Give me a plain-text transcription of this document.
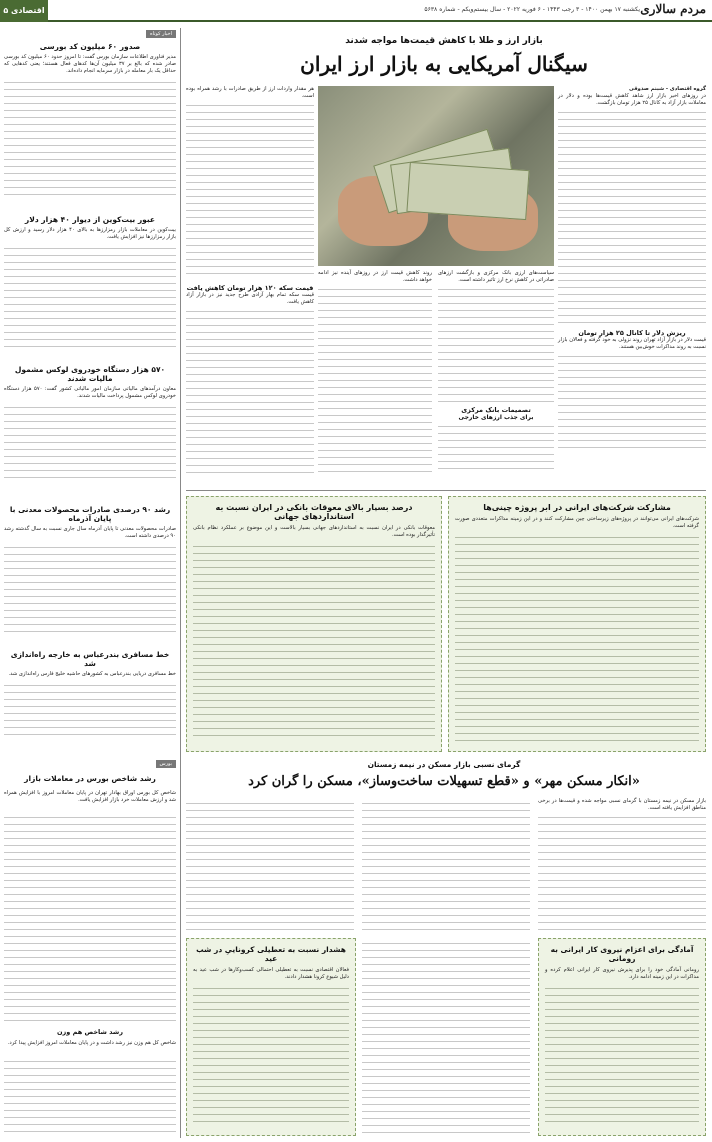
مردم سالاری
یکشنبه ۱۷ بهمن ۱۴۰۰ - ۳ رجب ۱۴۴۳ - ۶ فوریه ۲۰۲۲ - سال بیستم‌ویکم - شماره ۵۶۳۸
اقتصادی ۵
اخبار کوتاه
صدور ۶۰ میلیون کد بورسی
مدیر فناوری اطلاعات سازمان بورس گفت: تا امروز حدود ۶۰ میلیون کد بورسی صادر شده که بالغ بر ۳۷ میلیون آن‌ها کدهای فعال هستند؛ یعنی کدهایی که حداقل یک بار معامله در بازار سرمایه انجام داده‌اند.
عبور بیت‌کوین از دیوار ۴۰ هزار دلار
بیت‌کوین در معاملات بازار رمزارزها به بالای ۴۰ هزار دلار رسید و ارزش کل بازار رمزارزها نیز افزایش یافت.
۵۷۰ هزار دستگاه خودروی لوکس مشمول مالیات شدند
معاون درآمدهای مالیاتی سازمان امور مالیاتی کشور گفت: ۵۷۰ هزار دستگاه خودروی لوکس مشمول پرداخت مالیات شدند.
رشد ۹۰ درصدی صادرات محصولات معدنی با پایان آذرماه
صادرات محصولات معدنی تا پایان آذرماه سال جاری نسبت به سال گذشته رشد ۹۰ درصدی داشته است.
خط مسافری بندرعباس به خارجه راه‌اندازی شد
خط مسافری دریایی بندرعباس به کشورهای حاشیه خلیج فارس راه‌اندازی شد.
بورس
رشد شاخص بورس در معاملات بازار
شاخص کل بورس اوراق بهادار تهران در پایان معاملات امروز با افزایش همراه شد و ارزش معاملات خرد بازار افزایش یافت.
رشد شاخص هم وزن
شاخص کل هم وزن نیز رشد داشت و در پایان معاملات امروز افزایش پیدا کرد.
بازار ارز و طلا با کاهش قیمت‌ها مواجه شدند
سیگنال آمریکایی به بازار ارز ایران
گروه اقتصادی - شبنم صدوقی
در روزهای اخیر بازار ارز شاهد کاهش قیمت‌ها بوده و دلار در معاملات بازار آزاد به کانال ۲۵ هزار تومان بازگشت.
ریزش دلار تا کانال ۲۵ هزار تومان
قیمت دلار در بازار آزاد تهران روند نزولی به خود گرفته و فعالان بازار نسبت به روند مذاکرات خوش‌بین هستند.
هر مقدار واردات ارز از طریق صادرات با رشد همراه بوده است.
قیمت سکه ۱۲۰ هزار تومان کاهش یافت
قیمت سکه تمام بهار آزادی طرح جدید نیز در بازار آزاد کاهش یافت.
سیاست‌های ارزی بانک مرکزی و بازگشت ارزهای صادراتی در کاهش نرخ ارز تاثیر داشته است.
تصمیمات بانک مرکزی
برای جذب ارزهای خارجی
روند کاهش قیمت ارز در روزهای آینده نیز ادامه خواهد داشت.
مشارکت شرکت‌های ایرانی در ابر پروژه چینی‌ها
شرکت‌های ایرانی می‌توانند در پروژه‌های زیرساختی چین مشارکت کنند و در این زمینه مذاکرات متعددی صورت گرفته است.
درصد بسیار بالای معوقات بانکی در ایران نسبت به استانداردهای جهانی
معوقات بانکی در ایران نسبت به استانداردهای جهانی بسیار بالاست و این موضوع بر عملکرد نظام بانکی تأثیرگذار بوده است.
گرمای نسبی بازار مسکن در نیمه زمستان
«انکار مسکن مهر» و «قطع تسهیلات ساخت‌وساز»، مسکن را گران کرد
بازار مسکن در نیمه زمستان با گرمای نسبی مواجه شده و قیمت‌ها در برخی مناطق افزایش یافته است.
آمادگی برای اعزام نیروی کار ایرانی به رومانی
رومانی آمادگی خود را برای پذیرش نیروی کار ایرانی اعلام کرده و مذاکرات در این زمینه ادامه دارد.
هشدار نسبت به تعطیلی کروناییِ در شب عید
فعالان اقتصادی نسبت به تعطیلی احتمالی کسب‌وکارها در شب عید به دلیل شیوع کرونا هشدار دادند.
